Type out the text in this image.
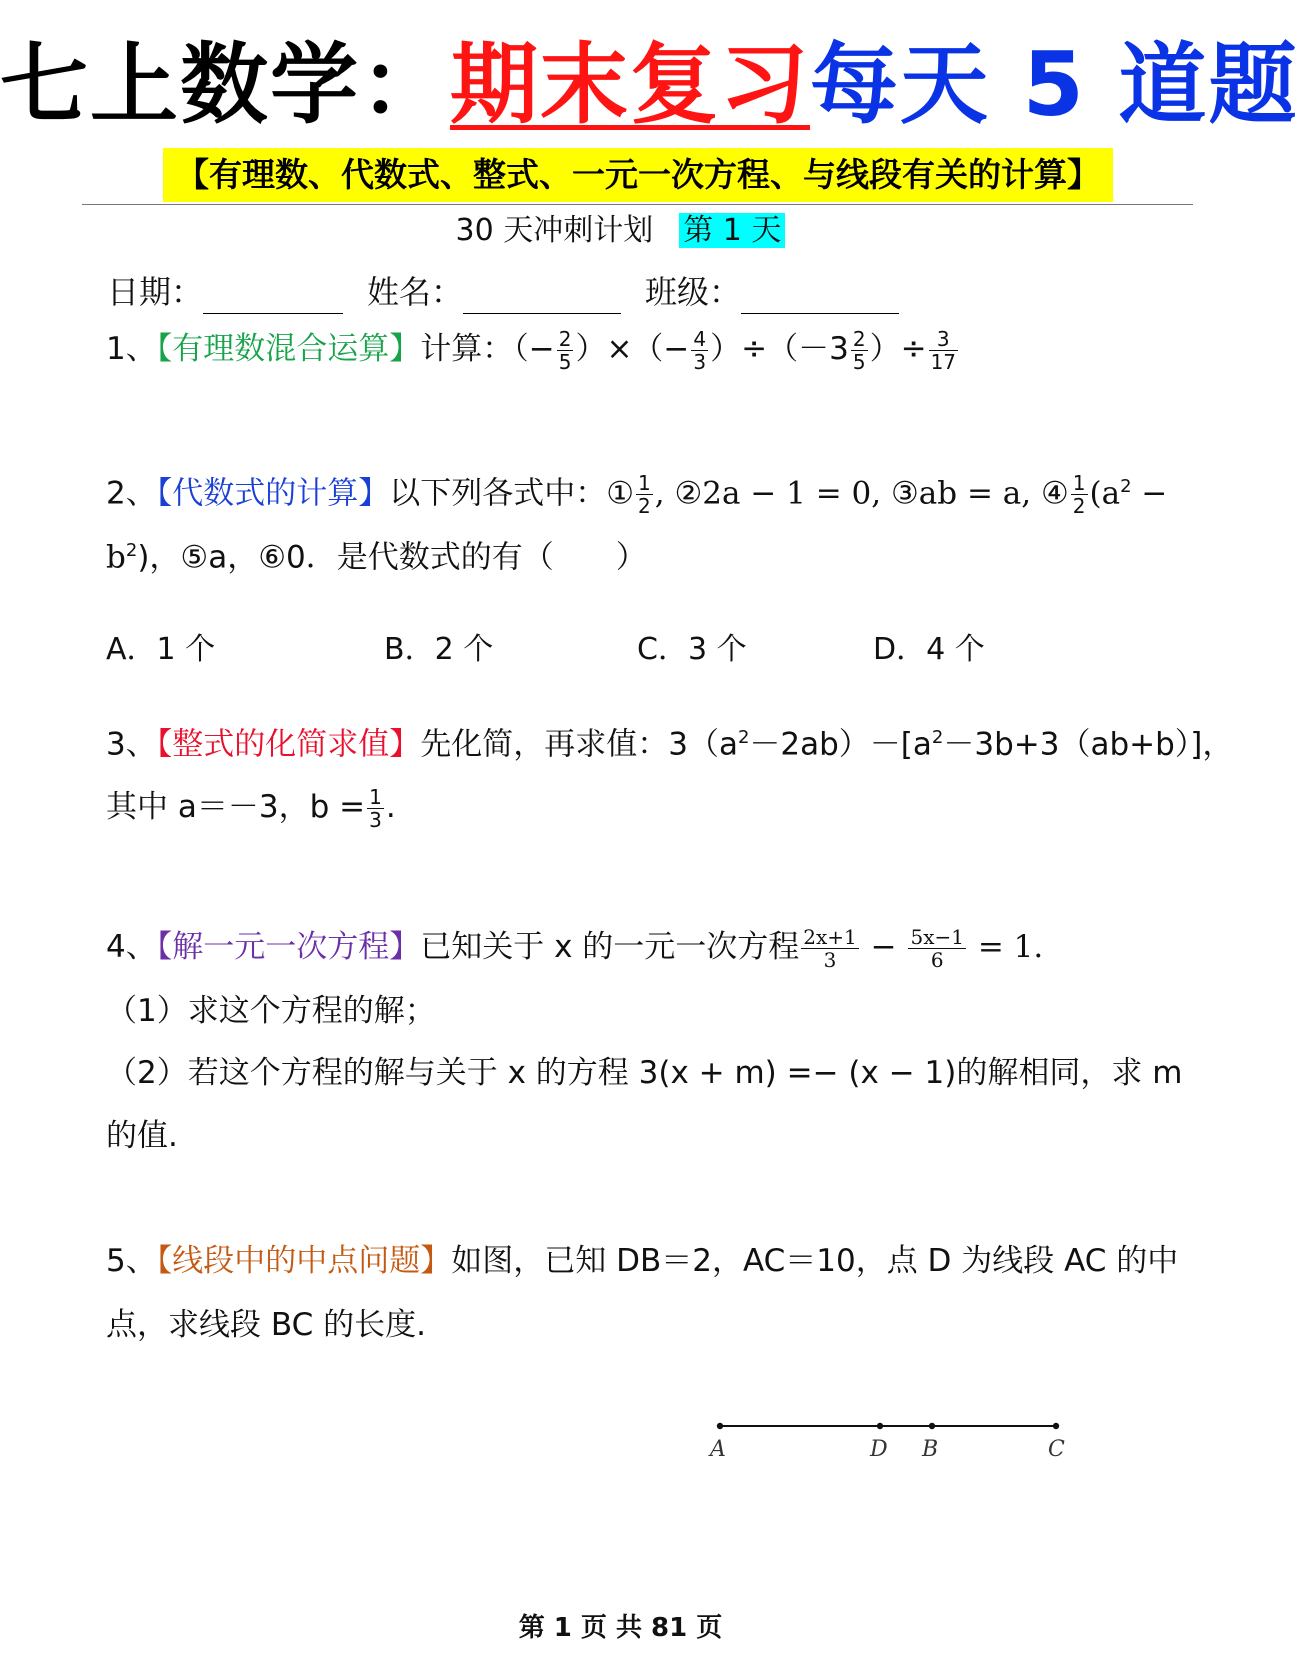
七上数学：期末复习每天 5 道题
【有理数、代数式、整式、一元一次方程、与线段有关的计算】
30 天冲刺计划 第 1 天
日期：	姓名：	班级：
1、【有理数混合运算】计算：（− $\frac{2}{5}$ ）×（− $\frac{4}{3} )\div(-3 \frac{2}{5}$ ）÷ $\frac{3}{17}$
2、【代数式的计算】以下列各式中：① $\frac{1}{2}$ , ②2a − 1 = 0, ③ab = a, ④ $\frac{1}{2} (a^2$ −
$b^2$)，⑤a，⑥0．是代数式的有（　　）
A．1 个	B．2 个	C．3 个	D．4 个
3、【整式的化简求值】先化简，再求值：$3(a^2-2ab)-[a^2-3b+3(ab+b)]$，
其中 a＝－3，$b = \frac{1}{3}$ .
4、【解一元一次方程】已知关于 x 的一元一次方程 $\frac{2x+1}{3} - \frac{5x-1}{6} = 1$.
（1）求这个方程的解；
（2）若这个方程的解与关于 x 的方程 3(x + m) =− (x − 1)的解相同，求 m
的值.
5、【线段中的中点问题】如图，已知 DB＝2，AC＝10，点 D 为线段 AC 的中
点，求线段 BC 的长度.
A	D B	C
第 1 页 共 81 页
